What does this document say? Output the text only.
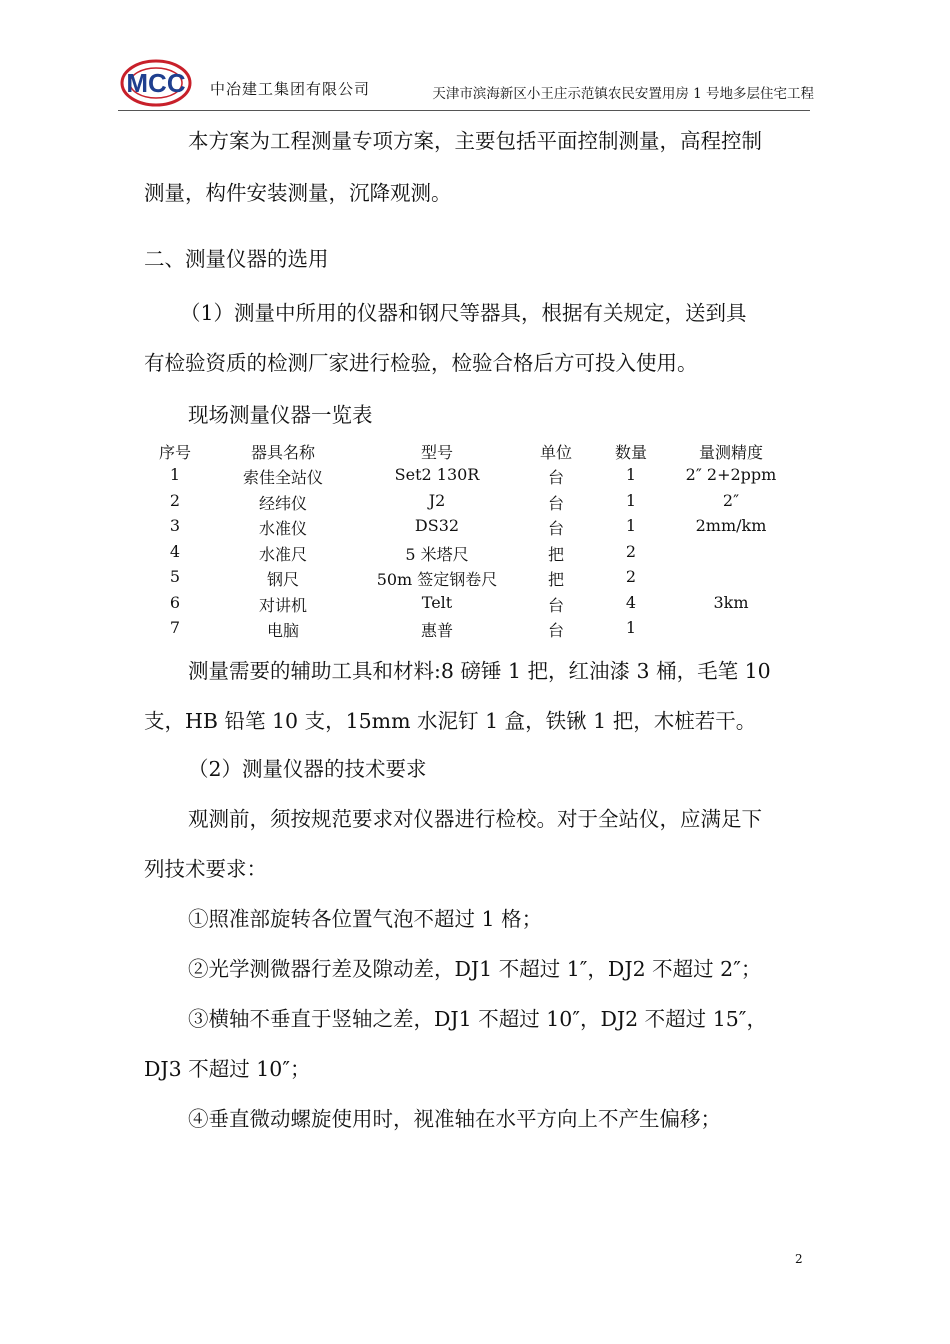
MCC 中冶建工集团有限公司	天津市滨海新区小王庄示范镇农民安置用房 1 号地多层住宅工程
本方案为工程测量专项方案，主要包括平面控制测量，高程控制
测量，构件安装测量，沉降观测。
二、测量仪器的选用
（1）测量中所用的仪器和钢尺等器具，根据有关规定，送到具
有检验资质的检测厂家进行检验，检验合格后方可投入使用。
现场测量仪器一览表
序号	器具名称	型号	单位	数量	量测精度
1	索佳全站仪	Set2 130R	台	1	2″ 2+2ppm
2	经纬仪	J2	台	1	2″
3	水准仪	DS32	台	1	2mm/km
4	水准尺	5 米塔尺	把	2
5	钢尺	50m 签定钢卷尺	把	2
6	对讲机	Telt	台	4	3km
7	电脑	惠普	台	1
测量需要的辅助工具和材料:8 磅锤 1 把，红油漆 3 桶，毛笔 10
支，HB 铅笔 10 支，15mm 水泥钉 1 盒，铁锹 1 把，木桩若干。
（2）测量仪器的技术要求
观测前，须按规范要求对仪器进行检校。对于全站仪，应满足下
列技术要求：
①照准部旋转各位置气泡不超过 1 格；
②光学测微器行差及隙动差，DJ1 不超过 1″，DJ2 不超过 2″；
③横轴不垂直于竖轴之差，DJ1 不超过 10″，DJ2 不超过 15″，
DJ3 不超过 10″；
④垂直微动螺旋使用时，视准轴在水平方向上不产生偏移；
2
